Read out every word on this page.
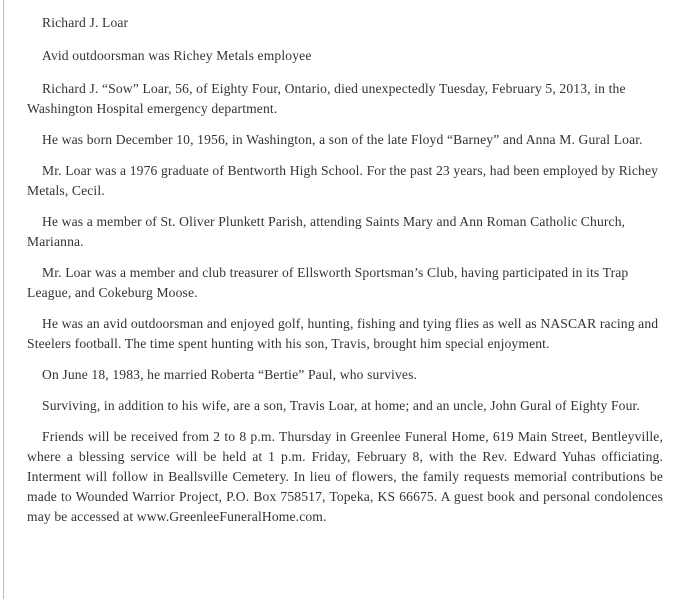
Richard J. Loar

Avid outdoorsman was Richey Metals employee

Richard J. “Sow” Loar, 56, of Eighty Four, Ontario, died unexpectedly Tuesday, February 5, 2013, in the Washington Hospital emergency department.

He was born December 10, 1956, in Washington, a son of the late Floyd “Barney” and Anna M. Gural Loar.

Mr. Loar was a 1976 graduate of Bentworth High School. For the past 23 years, had been employed by Richey Metals, Cecil.

He was a member of St. Oliver Plunkett Parish, attending Saints Mary and Ann Roman Catholic Church, Marianna.

Mr. Loar was a member and club treasurer of Ellsworth Sportsman’s Club, having participated in its Trap League, and Cokeburg Moose.

He was an avid outdoorsman and enjoyed golf, hunting, fishing and tying flies as well as NASCAR racing and Steelers football. The time spent hunting with his son, Travis, brought him special enjoyment.

On June 18, 1983, he married Roberta “Bertie” Paul, who survives.

Surviving, in addition to his wife, are a son, Travis Loar, at home; and an uncle, John Gural of Eighty Four.

Friends will be received from 2 to 8 p.m. Thursday in Greenlee Funeral Home, 619 Main Street, Bentleyville, where a blessing service will be held at 1 p.m. Friday, February 8, with the Rev. Edward Yuhas officiating. Interment will follow in Beallsville Cemetery. In lieu of flowers, the family requests memorial contributions be made to Wounded Warrior Project, P.O. Box 758517, Topeka, KS 66675. A guest book and personal condolences may be accessed at www.GreenleeFuneralHome.com.
